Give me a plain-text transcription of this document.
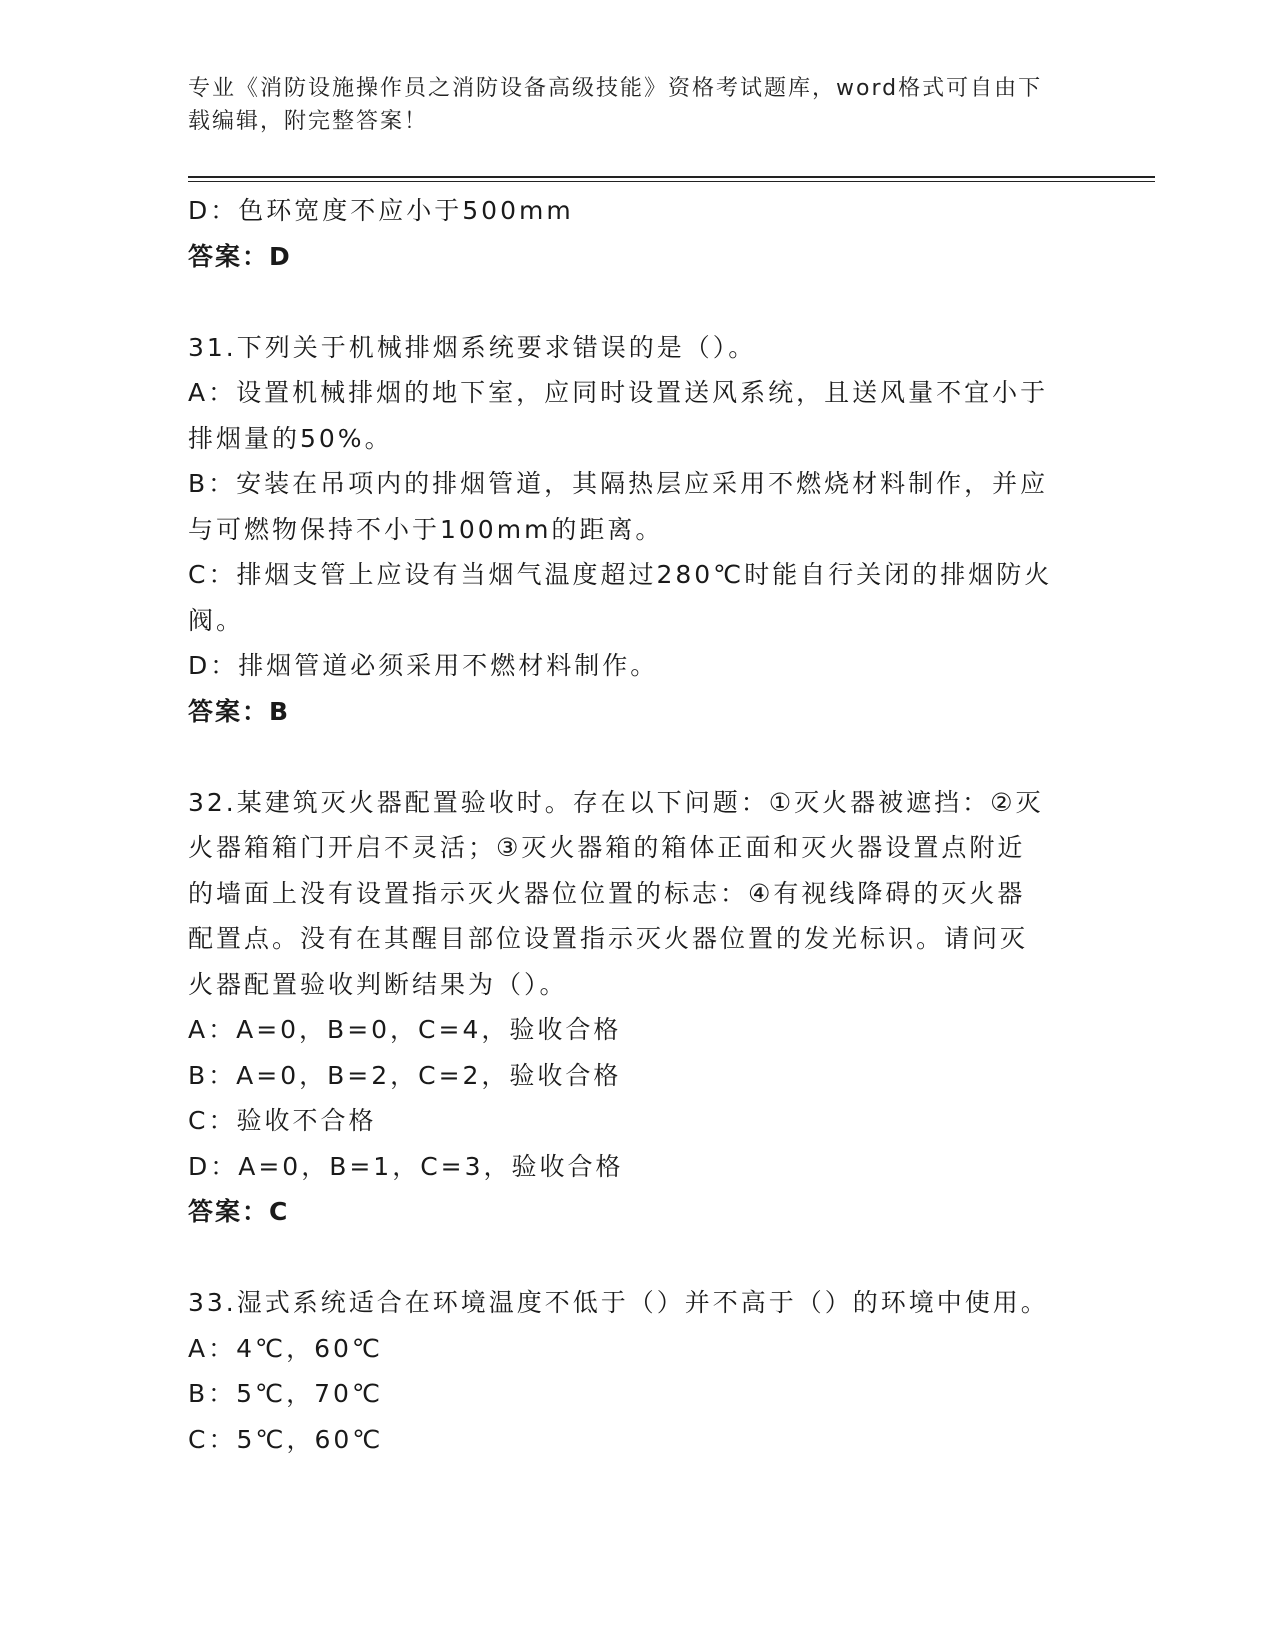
专业《消防设施操作员之消防设备高级技能》资格考试题库，word格式可自由下
载编辑，附完整答案！
D：色环宽度不应小于500mm
答案：D
31.下列关于机械排烟系统要求错误的是（）。
A：设置机械排烟的地下室，应同时设置送风系统，且送风量不宜小于
排烟量的50%。
B：安装在吊项内的排烟管道，其隔热层应采用不燃烧材料制作，并应
与可燃物保持不小于100mm的距离。
C：排烟支管上应设有当烟气温度超过280℃时能自行关闭的排烟防火
阀。
D：排烟管道必须采用不燃材料制作。
答案：B
32.某建筑灭火器配置验收时。存在以下问题：①灭火器被遮挡：②灭
火器箱箱门开启不灵活；③灭火器箱的箱体正面和灭火器设置点附近
的墙面上没有设置指示灭火器位位置的标志：④有视线降碍的灭火器
配置点。没有在其醒目部位设置指示灭火器位置的发光标识。请问灭
火器配置验收判断结果为（）。
A：A=0，B=0，C=4，验收合格
B：A=0，B=2，C=2，验收合格
C：验收不合格
D：A=0，B=1，C=3，验收合格
答案：C
33.湿式系统适合在环境温度不低于（）并不高于（）的环境中使用。
A：4℃，60℃
B：5℃，70℃
C：5℃，60℃
